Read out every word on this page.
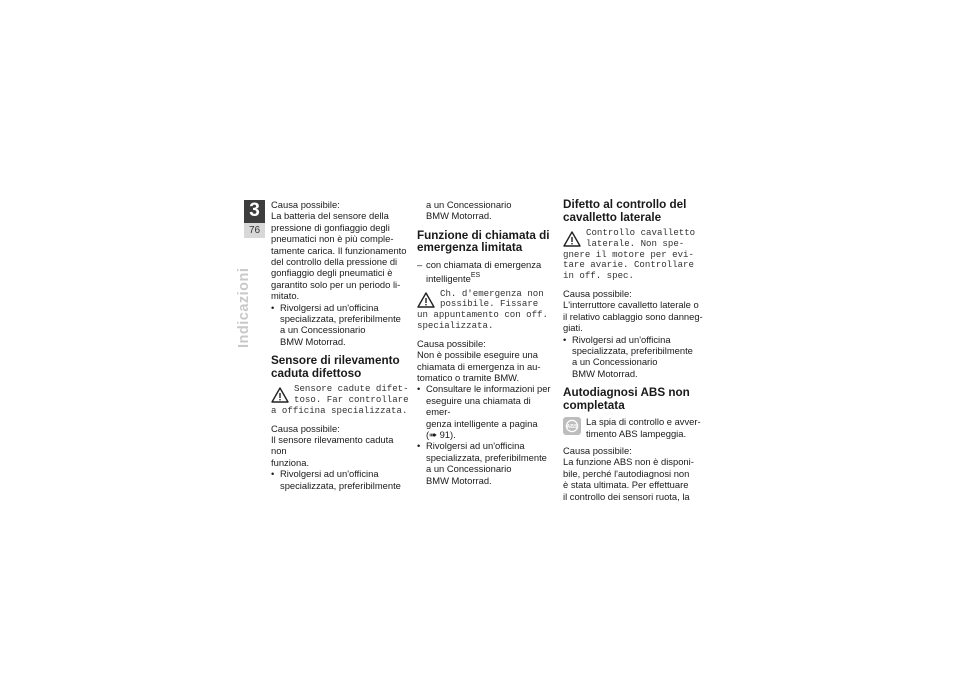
3
76
Indicazioni

Causa possibile:

La batteria del sensore della
pressione di gonfiaggio degli
pneumatici non è più comple-
tamente carica. Il funzionamento
del controllo della pressione di
gonfiaggio degli pneumatici è
garantito solo per un periodo li-
mitato.

• Rivolgersi ad un'officina
specializzata, preferibilmente
a un Concessionario
BMW Motorrad.
Sensore di rilevamento
caduta difettoso
Sensore cadute difet-
toso. Far controllare
a officina specializzata.

Causa possibile:

Il sensore rilevamento caduta non
funziona.

• Rivolgersi ad un'officina
specializzata, preferibilmente
a un Concessionario
BMW Motorrad.
Funzione di chiamata di
emergenza limitata
– con chiamata di emergenza
intelligente$^{ES}$
Ch. d'emergenza non
possibile. Fissare
un appuntamento con off.
specializzata.

Causa possibile:

Non è possibile eseguire una
chiamata di emergenza in au-
tomatico o tramite BMW.

• Consultare le informazioni per
eseguire una chiamata di emer-
genza intelligente a pagina
(➠ 91).
• Rivolgersi ad un'officina
specializzata, preferibilmente
a un Concessionario
BMW Motorrad.
Difetto al controllo del
cavalletto laterale
Controllo cavalletto
laterale. Non spe-
gnere il motore per evi-
tare avarie. Controllare
in off. spec.

Causa possibile:

L'interruttore cavalletto laterale o
il relativo cablaggio sono danneg-
giati.

• Rivolgersi ad un'officina
specializzata, preferibilmente
a un Concessionario
BMW Motorrad.
Autodiagnosi ABS non
completata
ABS La spia di controllo e avver-
timento ABS lampeggia.

Causa possibile:

La funzione ABS non è disponi-
bile, perché l'autodiagnosi non
è stata ultimata. Per effettuare
il controllo dei sensori ruota, la
